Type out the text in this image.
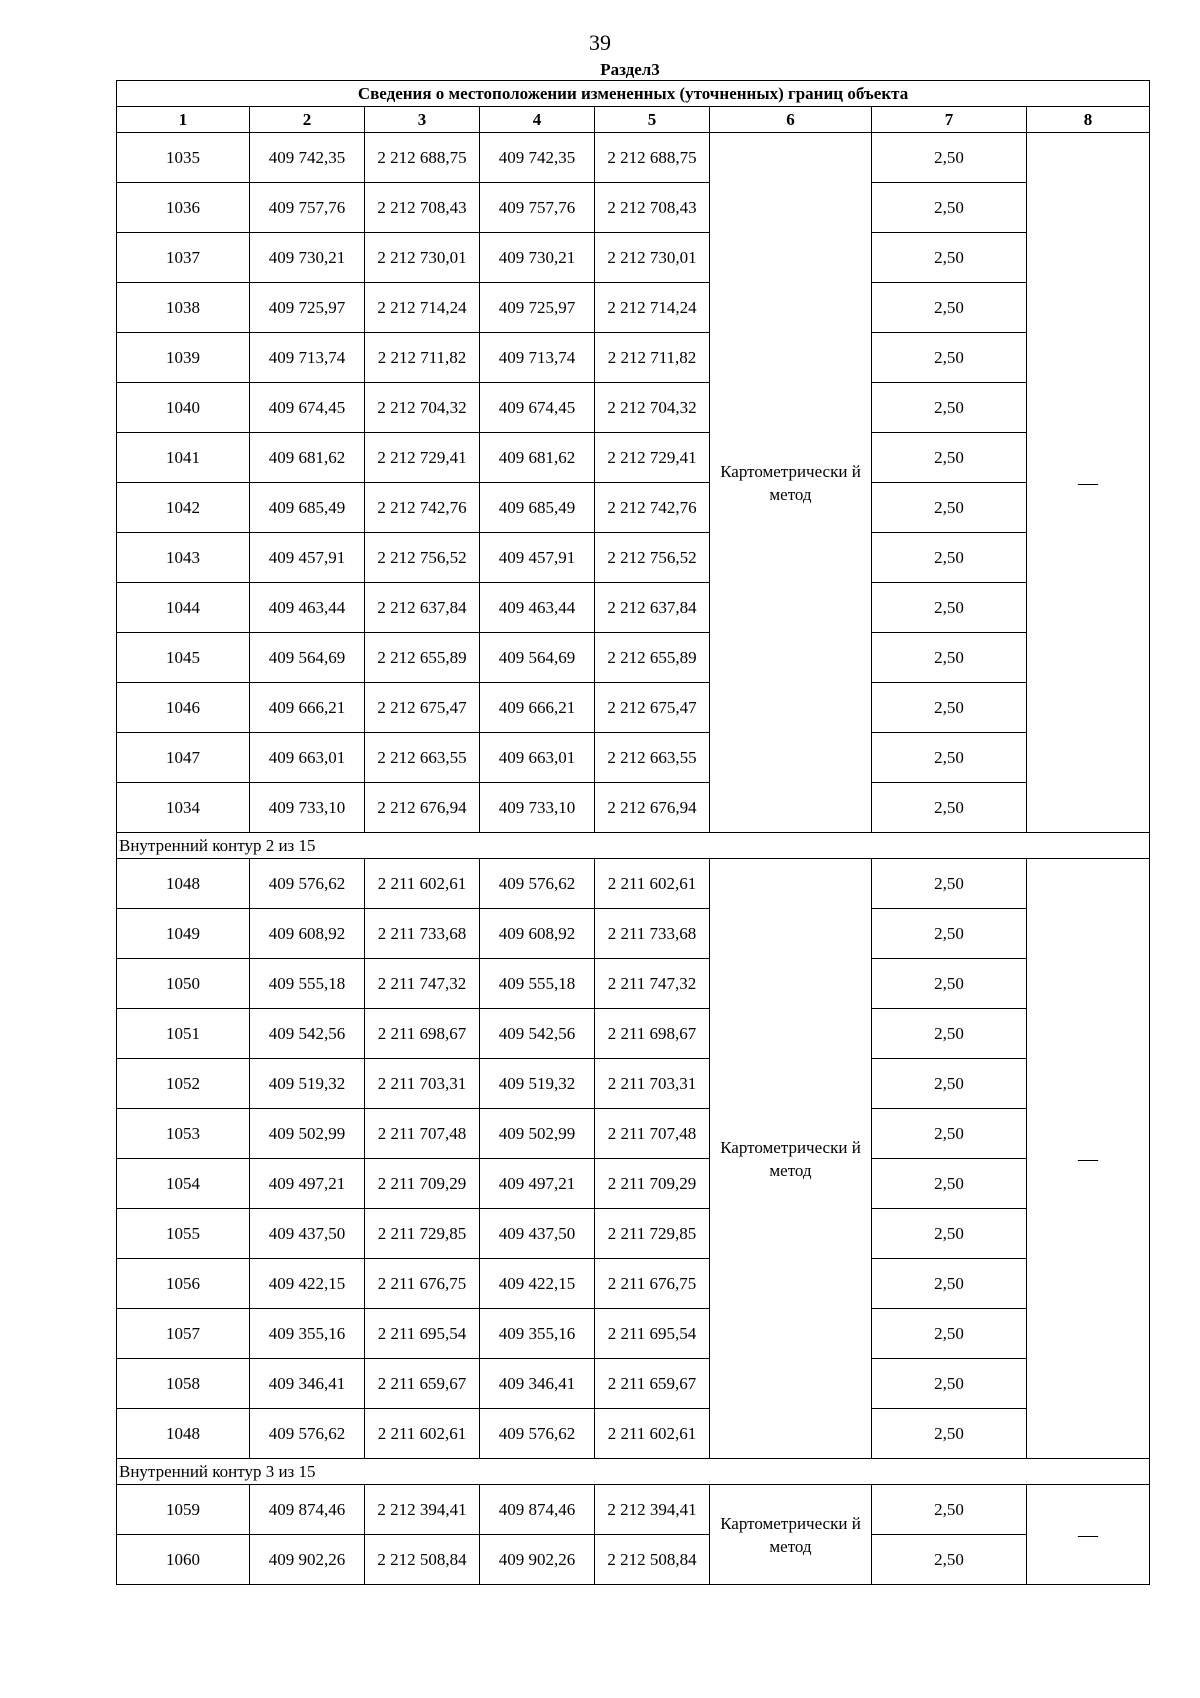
39
Раздел3
Сведения о местоположении измененных (уточненных) границ объекта							
1	2	3	4	5	6	7	8
1035	409 742,35	2 212 688,75	409 742,35	2 212 688,75	Картометрически й метод	2,50	—
1036	409 757,76	2 212 708,43	409 757,76	2 212 708,43		2,50	
1037	409 730,21	2 212 730,01	409 730,21	2 212 730,01		2,50	
1038	409 725,97	2 212 714,24	409 725,97	2 212 714,24		2,50	
1039	409 713,74	2 212 711,82	409 713,74	2 212 711,82		2,50	
1040	409 674,45	2 212 704,32	409 674,45	2 212 704,32		2,50	
1041	409 681,62	2 212 729,41	409 681,62	2 212 729,41		2,50	
1042	409 685,49	2 212 742,76	409 685,49	2 212 742,76		2,50	
1043	409 457,91	2 212 756,52	409 457,91	2 212 756,52		2,50	
1044	409 463,44	2 212 637,84	409 463,44	2 212 637,84		2,50	
1045	409 564,69	2 212 655,89	409 564,69	2 212 655,89		2,50	
1046	409 666,21	2 212 675,47	409 666,21	2 212 675,47		2,50	
1047	409 663,01	2 212 663,55	409 663,01	2 212 663,55		2,50	
1034	409 733,10	2 212 676,94	409 733,10	2 212 676,94		2,50	
Внутренний контур 2 из 15							
1048	409 576,62	2 211 602,61	409 576,62	2 211 602,61	Картометрически й метод	2,50	—
1049	409 608,92	2 211 733,68	409 608,92	2 211 733,68		2,50	
1050	409 555,18	2 211 747,32	409 555,18	2 211 747,32		2,50	
1051	409 542,56	2 211 698,67	409 542,56	2 211 698,67		2,50	
1052	409 519,32	2 211 703,31	409 519,32	2 211 703,31		2,50	
1053	409 502,99	2 211 707,48	409 502,99	2 211 707,48		2,50	
1054	409 497,21	2 211 709,29	409 497,21	2 211 709,29		2,50	
1055	409 437,50	2 211 729,85	409 437,50	2 211 729,85		2,50	
1056	409 422,15	2 211 676,75	409 422,15	2 211 676,75		2,50	
1057	409 355,16	2 211 695,54	409 355,16	2 211 695,54		2,50	
1058	409 346,41	2 211 659,67	409 346,41	2 211 659,67		2,50	
1048	409 576,62	2 211 602,61	409 576,62	2 211 602,61		2,50	
Внутренний контур 3 из 15							
1059	409 874,46	2 212 394,41	409 874,46	2 212 394,41	Картометрически й метод	2,50	—
1060	409 902,26	2 212 508,84	409 902,26	2 212 508,84		2,50	
